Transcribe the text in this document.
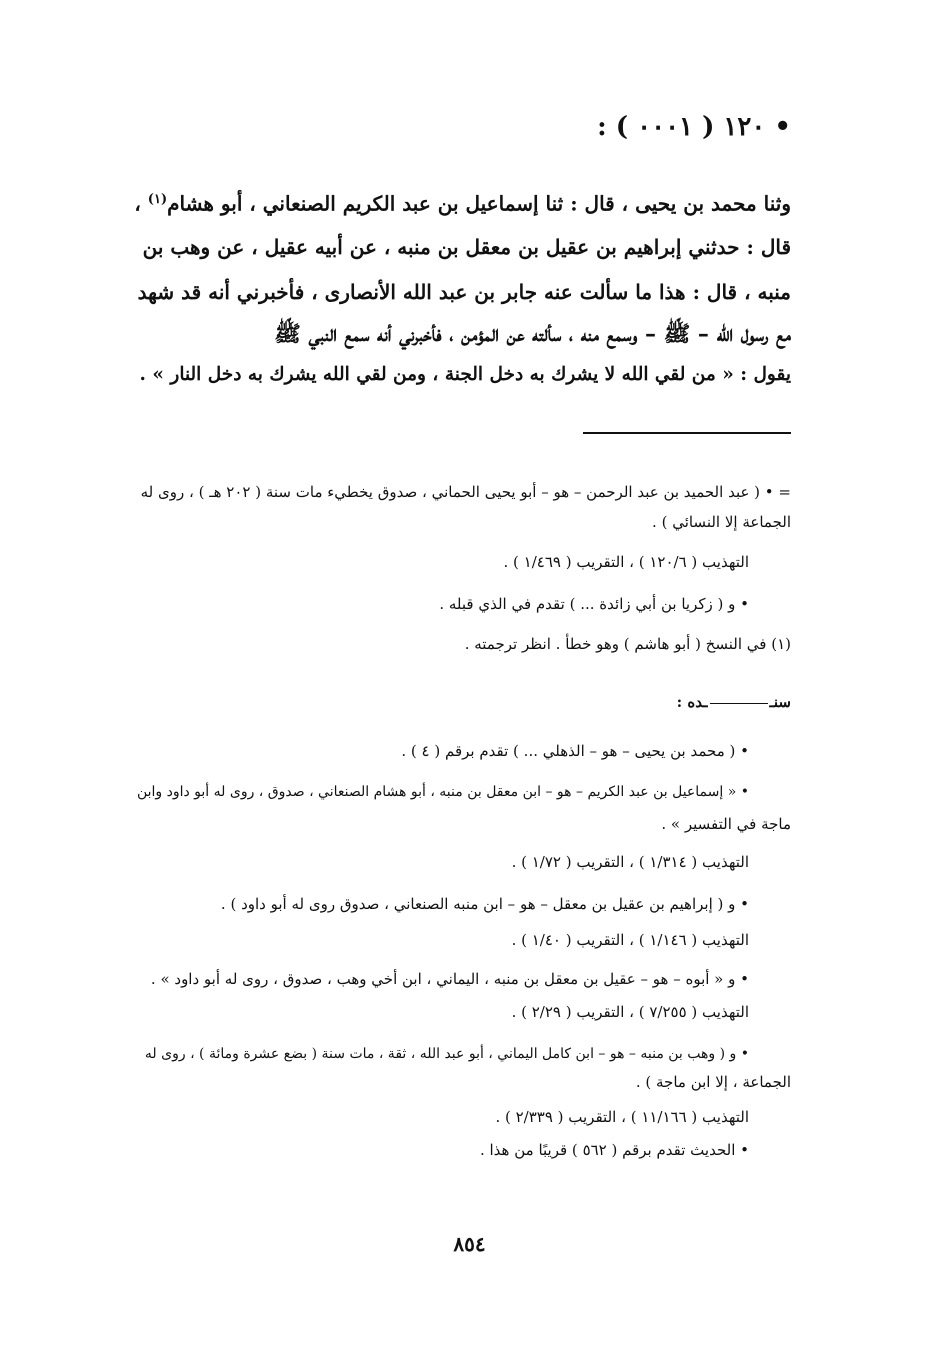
• ١٢٠ ( ٠٠٠١ ) :
وثنا محمد بن يحيى ، قال : ثنا إسماعيل بن عبد الكريم الصنعاني ، أبو هشام$^{(١)}$ ،
قال : حدثني إبراهيم بن عقيل بن معقل بن منبه ، عن أبيه عقيل ، عن وهب بن
منبه ، قال : هذا ما سألت عنه جابر بن عبد الله الأنصارى ، فأخبرني أنه قد شهد
مع رسول الله – ﷺ – وسمع منه ، سألته عن المؤمن ، فأخبرني أنه سمع النبي ﷺ
يقول : « من لقي الله لا يشرك به دخل الجنة ، ومن لقي الله يشرك به دخل النار » .
= • ( عبد الحميد بن عبد الرحمن – هو – أبو يحيى الحماني ، صدوق يخطيء مات سنة ( ٢٠٢ هـ ) ، روى له
الجماعة إلا النسائي ) .
التهذيب ( ١٢٠/٦ ) ، التقريب ( ١/٤٦٩ ) .
• و ( زكريا بن أبي زائدة ... ) تقدم في الذي قبله .
(١) في النسخ ( أبو هاشم ) وهو خطأ . انظر ترجمته .
سنــده :
• ( محمد بن يحيى – هو – الذهلي ... ) تقدم برقم ( ٤ ) .
• « إسماعيل بن عبد الكريم – هو – ابن معقل بن منبه ، أبو هشام الصنعاني ، صدوق ، روى له أبو داود وابن
ماجة في التفسير » .
التهذيب ( ١/٣١٤ ) ، التقريب ( ١/٧٢ ) .
• و ( إبراهيم بن عقيل بن معقل – هو – ابن منبه الصنعاني ، صدوق روى له أبو داود ) .
التهذيب ( ١/١٤٦ ) ، التقريب ( ١/٤٠ ) .
• و « أبوه – هو – عقيل بن معقل بن منبه ، اليماني ، ابن أخي وهب ، صدوق ، روى له أبو داود » .
التهذيب ( ٧/٢٥٥ ) ، التقريب ( ٢/٢٩ ) .
• و ( وهب بن منبه – هو – ابن كامل اليماني ، أبو عبد الله ، ثقة ، مات سنة ( بضع عشرة ومائة ) ، روى له
الجماعة ، إلا ابن ماجة ) .
التهذيب ( ١١/١٦٦ ) ، التقريب ( ٢/٣٣٩ ) .
• الحديث تقدم برقم ( ٥٦٢ ) قريبًا من هذا .
٨٥٤
